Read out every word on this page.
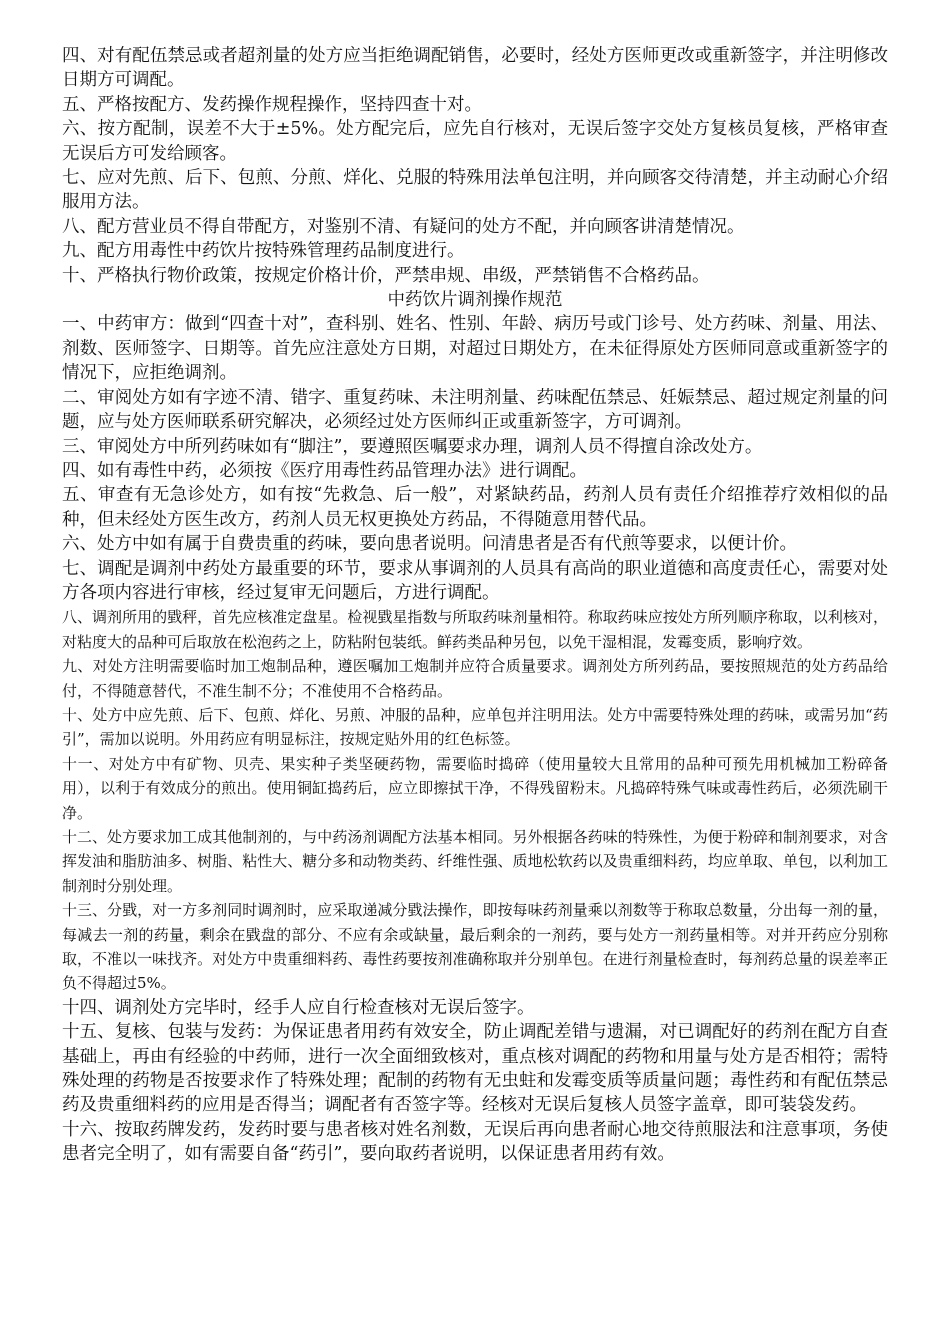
四、对有配伍禁忌或者超剂量的处方应当拒绝调配销售，必要时，经处方医师更改或重新签字，并注明修改日期方可调配。

五、严格按配方、发药操作规程操作，坚持四查十对。

六、按方配制，误差不大于±5%。处方配完后，应先自行核对，无误后签字交处方复核员复核，严格审查无误后方可发给顾客。

七、应对先煎、后下、包煎、分煎、烊化、兑服的特殊用法单包注明，并向顾客交待清楚，并主动耐心介绍服用方法。

八、配方营业员不得自带配方，对鉴别不清、有疑问的处方不配，并向顾客讲清楚情况。

九、配方用毒性中药饮片按特殊管理药品制度进行。

十、严格执行物价政策，按规定价格计价，严禁串规、串级，严禁销售不合格药品。

中药饮片调剂操作规范

一、中药审方：做到“四查十对”，查科别、姓名、性别、年龄、病历号或门诊号、处方药味、剂量、用法、剂数、医师签字、日期等。首先应注意处方日期，对超过日期处方，在未征得原处方医师同意或重新签字的情况下，应拒绝调剂。

二、审阅处方如有字迹不清、错字、重复药味、未注明剂量、药味配伍禁忌、妊娠禁忌、超过规定剂量的问题，应与处方医师联系研究解决，必须经过处方医师纠正或重新签字，方可调剂。

三、审阅处方中所列药味如有“脚注”，要遵照医嘱要求办理，调剂人员不得擅自涂改处方。

四、如有毒性中药，必须按《医疗用毒性药品管理办法》进行调配。

五、审查有无急诊处方，如有按“先救急、后一般”，对紧缺药品，药剂人员有责任介绍推荐疗效相似的品种，但未经处方医生改方，药剂人员无权更换处方药品，不得随意用替代品。

六、处方中如有属于自费贵重的药味，要向患者说明。问清患者是否有代煎等要求，以便计价。

七、调配是调剂中药处方最重要的环节，要求从事调剂的人员具有高尚的职业道德和高度责任心，需要对处方各项内容进行审核，经过复审无问题后，方进行调配。

八、调剂所用的戥秤，首先应核准定盘星。检视戥星指数与所取药味剂量相符。称取药味应按处方所列顺序称取，以利核对，对粘度大的品种可后取放在松泡药之上，防粘附包装纸。鲜药类品种另包，以免干湿相混，发霉变质，影响疗效。

九、对处方注明需要临时加工炮制品种，遵医嘱加工炮制并应符合质量要求。调剂处方所列药品，要按照规范的处方药品给付，不得随意替代，不准生制不分；不准使用不合格药品。

十、处方中应先煎、后下、包煎、烊化、另煎、冲服的品种，应单包并注明用法。处方中需要特殊处理的药味，或需另加“药引”，需加以说明。外用药应有明显标注，按规定贴外用的红色标签。

十一、对处方中有矿物、贝壳、果实种子类坚硬药物，需要临时捣碎（使用量较大且常用的品种可预先用机械加工粉碎备用），以利于有效成分的煎出。使用铜缸捣药后，应立即擦拭干净，不得残留粉末。凡捣碎特殊气味或毒性药后，必须洗刷干净。

十二、处方要求加工成其他制剂的，与中药汤剂调配方法基本相同。另外根据各药味的特殊性，为便于粉碎和制剂要求，对含挥发油和脂肪油多、树脂、粘性大、糖分多和动物类药、纤维性强、质地松软药以及贵重细料药，均应单取、单包，以利加工制剂时分别处理。

十三、分戥，对一方多剂同时调剂时，应采取递减分戥法操作，即按每味药剂量乘以剂数等于称取总数量，分出每一剂的量，每减去一剂的药量，剩余在戥盘的部分、不应有余或缺量，最后剩余的一剂药，要与处方一剂药量相等。对并开药应分别称取，不准以一味找齐。对处方中贵重细料药、毒性药要按剂准确称取并分别单包。在进行剂量检查时，每剂药总量的误差率正负不得超过5%。

十四、调剂处方完毕时，经手人应自行检查核对无误后签字。

十五、复核、包装与发药：为保证患者用药有效安全，防止调配差错与遗漏，对已调配好的药剂在配方自查基础上，再由有经验的中药师，进行一次全面细致核对，重点核对调配的药物和用量与处方是否相符；需特殊处理的药物是否按要求作了特殊处理；配制的药物有无虫蛀和发霉变质等质量问题；毒性药和有配伍禁忌药及贵重细料药的应用是否得当；调配者有否签字等。经核对无误后复核人员签字盖章，即可装袋发药。

十六、按取药牌发药，发药时要与患者核对姓名剂数，无误后再向患者耐心地交待煎服法和注意事项，务使患者完全明了，如有需要自备“药引”，要向取药者说明，以保证患者用药有效。
